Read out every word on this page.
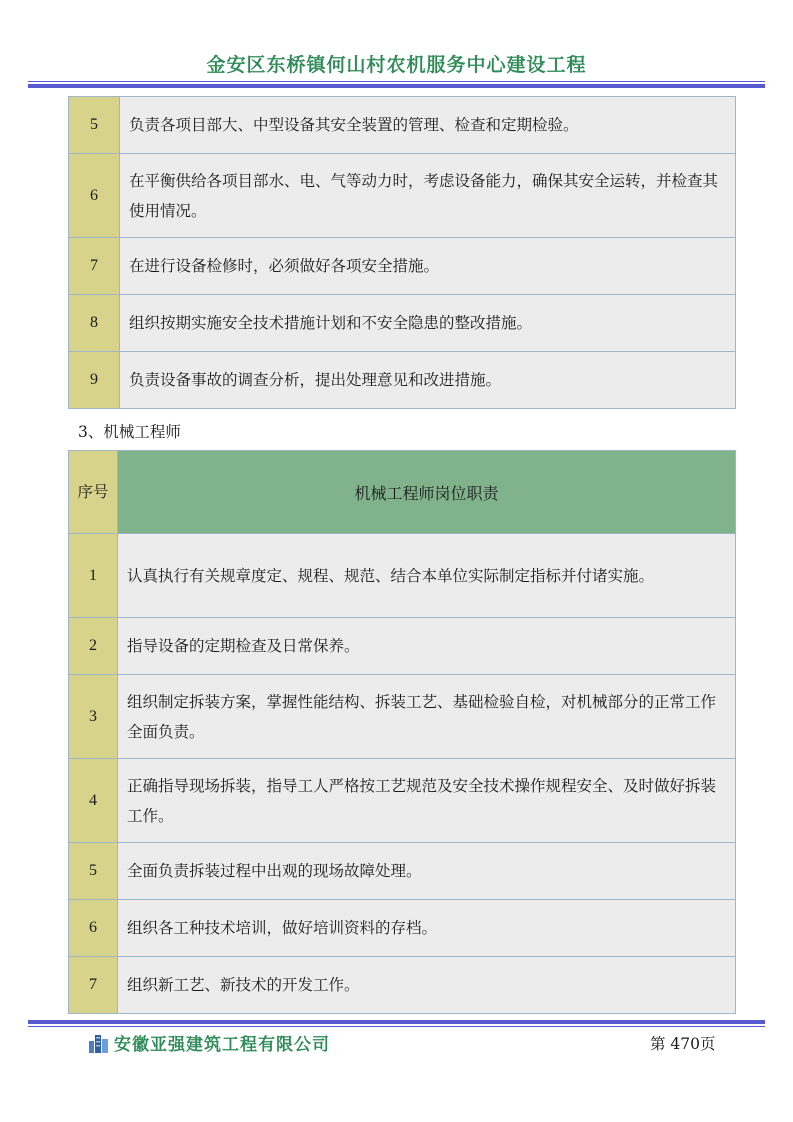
金安区东桥镇何山村农机服务中心建设工程
5	负责各项目部大、中型设备其安全装置的管理、检查和定期检验。
6	在平衡供给各项目部水、电、气等动力时，考虑设备能力，确保其安全运转，并检查其使用情况。
7	在进行设备检修时，必须做好各项安全措施。
8	组织按期实施安全技术措施计划和不安全隐患的整改措施。
9	负责设备事故的调查分析，提出处理意见和改进措施。
3、机械工程师
序号	机械工程师岗位职责
1	认真执行有关规章度定、规程、规范、结合本单位实际制定指标并付诸实施。
2	指导设备的定期检查及日常保养。
3	组织制定拆装方案，掌握性能结构、拆装工艺、基础检验自检，对机械部分的正常工作全面负责。
4	正确指导现场拆装，指导工人严格按工艺规范及安全技术操作规程安全、及时做好拆装工作。
5	全面负责拆装过程中出观的现场故障处理。
6	组织各工种技术培训，做好培训资料的存档。
7	组织新工艺、新技术的开发工作。
安徽亚强建筑工程有限公司	第 470页
